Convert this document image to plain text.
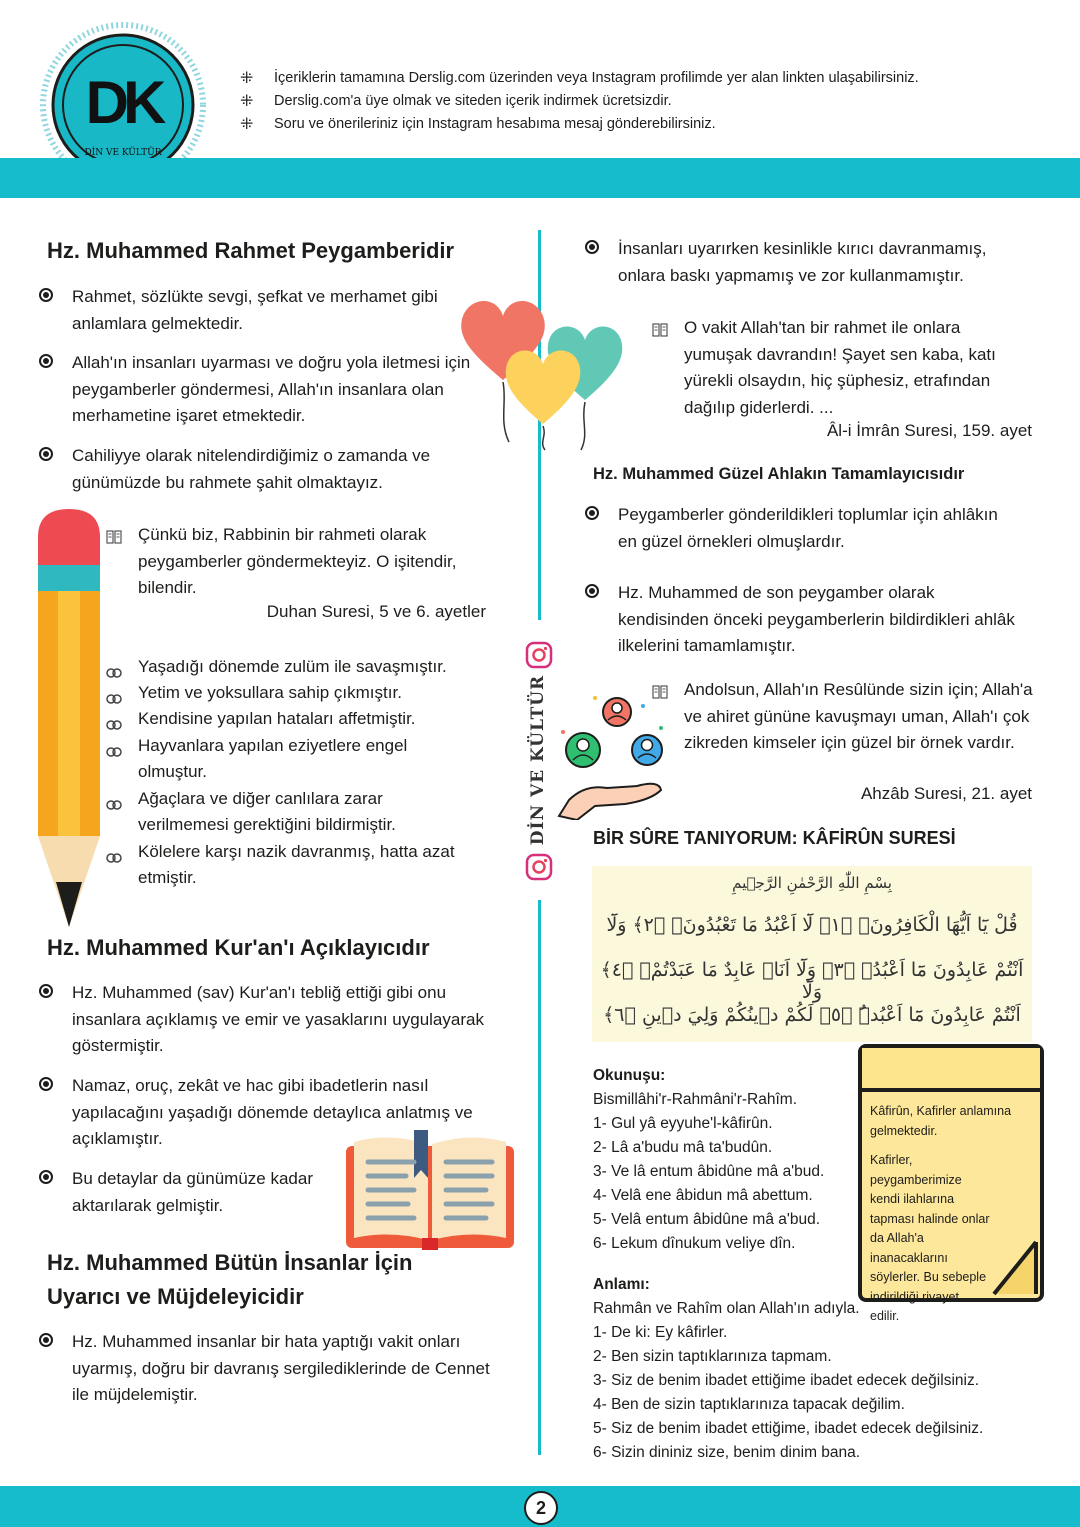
DK
DİN VE KÜLTÜR
⁜	İçeriklerin tamamına Derslig.com üzerinden veya Instagram profilimde yer alan linkten ulaşabilirsiniz.
⁜	Derslig.com'a üye olmak ve siteden içerik indirmek ücretsizdir.
⁜	Soru ve önerileriniz için Instagram hesabıma mesaj gönderebilirsiniz.
DİN VE KÜLTÜR
Hz. Muhammed Rahmet Peygamberidir
Rahmet, sözlükte sevgi, şefkat ve merhamet gibi anlamlara gelmektedir.
Allah'ın insanları uyarması ve doğru yola iletmesi için peygamberler göndermesi, Allah'ın insanlara olan merhametine işaret etmektedir.
Cahiliyye olarak nitelendirdiğimiz o zamanda ve günümüzde bu rahmete şahit olmaktayız.
Çünkü biz, Rabbinin bir rahmeti olarak peygamberler göndermekteyiz. O işitendir, bilendir.
Duhan Suresi, 5 ve 6. ayetler
Yaşadığı dönemde zulüm ile savaşmıştır.
Yetim ve yoksullara sahip çıkmıştır.
Kendisine yapılan hataları affetmiştir.
Hayvanlara yapılan eziyetlere engel olmuştur.
Ağaçlara ve diğer canlılara zarar verilmemesi gerektiğini bildirmiştir.
Kölelere karşı nazik davranmış, hatta azat etmiştir.
Hz. Muhammed Kur'an'ı Açıklayıcıdır
Hz. Muhammed (sav) Kur'an'ı tebliğ ettiği gibi onu insanlara açıklamış ve emir ve yasaklarını uygulayarak göstermiştir.
Namaz, oruç, zekât ve hac gibi ibadetlerin nasıl yapılacağını yaşadığı dönemde detaylıca anlatmış ve açıklamıştır.
Bu detaylar da günümüze kadar aktarılarak gelmiştir.
Hz. Muhammed Bütün İnsanlar İçin
Uyarıcı ve Müjdeleyicidir
Hz. Muhammed insanlar bir hata yaptığı vakit onları uyarmış, doğru bir davranış sergilediklerinde de Cennet ile müjdelemiştir.
İnsanları uyarırken kesinlikle kırıcı davranmamış, onlara baskı yapmamış ve zor kullanmamıştır.
O vakit Allah'tan bir rahmet ile onlara yumuşak davrandın! Şayet sen kaba, katı yürekli olsaydın, hiç şüphesiz, etrafından dağılıp giderlerdi. ...
Âl-i İmrân Suresi, 159. ayet
Hz. Muhammed Güzel Ahlakın Tamamlayıcısıdır
Peygamberler gönderildikleri toplumlar için ahlâkın en güzel örnekleri olmuşlardır.
Hz. Muhammed de son peygamber olarak kendisinden önceki peygamberlerin bildirdikleri ahlâk ilkelerini tamamlamıştır.
Andolsun, Allah'ın Resûlünde sizin için; Allah'a ve ahiret gününe kavuşmayı uman, Allah'ı çok zikreden kimseler için güzel bir örnek vardır.
Ahzâb Suresi, 21. ayet
BİR SÛRE TANIYORUM: KÂFİRÛN SURESİ
بِسْمِ اللّٰهِ الرَّحْمٰنِ الرَّج۪يمِ
قُلْ يَٓا اَيُّهَا الْكَافِرُونَۙ ﴿١﴾ لَٓا اَعْبُدُ مَا تَعْبُدُونَۙ ﴿٢﴾ وَلَٓا
اَنْتُمْ عَابِدُونَ مَٓا اَعْبُدُۚ ﴿٣﴾ وَلَٓا اَنَا۬ عَابِدٌ مَا عَبَدْتُمْۙ ﴿٤﴾ وَلَٓا
اَنْتُمْ عَابِدُونَ مَٓا اَعْبُدُۜ ﴿٥﴾ لَكُمْ د۪ينُكُمْ وَلِيَ د۪ينِ ﴿٦﴾
Okunuşu:
Bismillâhi'r-Rahmâni'r-Rahîm.
1- Gul yâ eyyuhe'l-kâfirûn.
2- Lâ a'budu mâ ta'budûn.
3- Ve lâ entum âbidûne mâ a'bud.
4- Velâ ene âbidun mâ abettum.
5- Velâ entum âbidûne mâ a'bud.
6- Lekum dînukum veliye dîn.
Kâfirûn, Kafirler anlamına gelmektedir.
Kafirler, peygamberimize kendi ilahlarına tapması halinde onlar da Allah'a inanacaklarını söylerler. Bu sebeple indirildiği rivayet edilir.
Anlamı:
Rahmân ve Rahîm olan Allah'ın adıyla.
1- De ki: Ey kâfirler.
2- Ben sizin taptıklarınıza tapmam.
3- Siz de benim ibadet ettiğime ibadet edecek değilsiniz.
4- Ben de sizin taptıklarınıza tapacak değilim.
5- Siz de benim ibadet ettiğime, ibadet edecek değilsiniz.
6- Sizin dininiz size, benim dinim bana.
2
